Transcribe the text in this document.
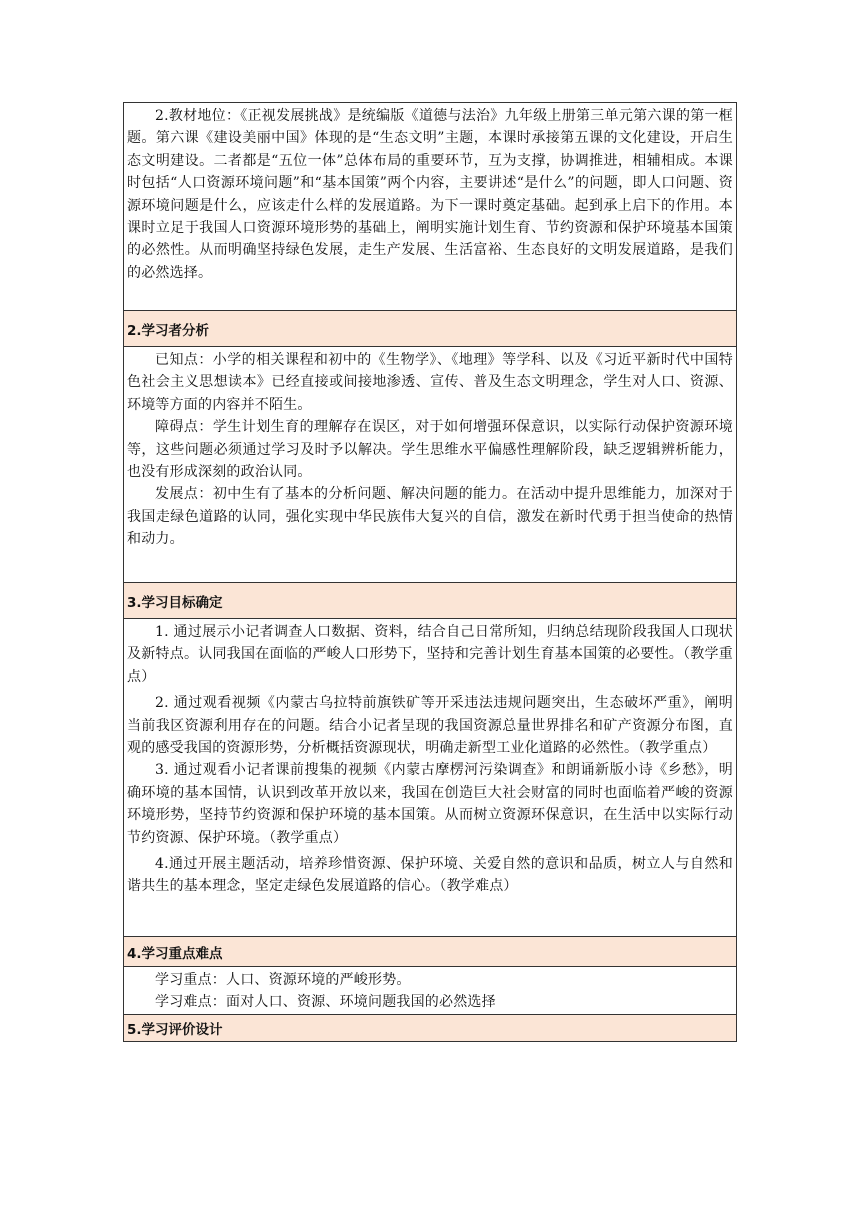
2.教材地位：《正视发展挑战》是统编版《道德与法治》九年级上册第三单元第六课的第一框题。第六课《建设美丽中国》体现的是“生态文明”主题，本课时承接第五课的文化建设，开启生态文明建设。二者都是“五位一体”总体布局的重要环节，互为支撑，协调推进，相辅相成。本课时包括“人口资源环境问题”和“基本国策”两个内容，主要讲述“是什么”的问题，即人口问题、资源环境问题是什么，应该走什么样的发展道路。为下一课时奠定基础。起到承上启下的作用。本课时立足于我国人口资源环境形势的基础上，阐明实施计划生育、节约资源和保护环境基本国策的必然性。从而明确坚持绿色发展，走生产发展、生活富裕、生态良好的文明发展道路，是我们的必然选择。

2.学习者分析

已知点：小学的相关课程和初中的《生物学》、《地理》等学科、以及《习近平新时代中国特色社会主义思想读本》已经直接或间接地渗透、宣传、普及生态文明理念，学生对人口、资源、环境等方面的内容并不陌生。

障碍点：学生计划生育的理解存在误区，对于如何增强环保意识，以实际行动保护资源环境等，这些问题必须通过学习及时予以解决。学生思维水平偏感性理解阶段，缺乏逻辑辨析能力，也没有形成深刻的政治认同。

发展点：初中生有了基本的分析问题、解决问题的能力。在活动中提升思维能力，加深对于我国走绿色道路的认同，强化实现中华民族伟大复兴的自信，激发在新时代勇于担当使命的热情和动力。

3.学习目标确定

1. 通过展示小记者调查人口数据、资料，结合自己日常所知，归纳总结现阶段我国人口现状及新特点。认同我国在面临的严峻人口形势下，坚持和完善计划生育基本国策的必要性。（教学重点）

2. 通过观看视频《内蒙古乌拉特前旗铁矿等开采违法违规问题突出，生态破坏严重》，阐明当前我区资源利用存在的问题。结合小记者呈现的我国资源总量世界排名和矿产资源分布图，直观的感受我国的资源形势，分析概括资源现状，明确走新型工业化道路的必然性。（教学重点）

3. 通过观看小记者课前搜集的视频《内蒙古摩楞河污染调查》和朗诵新版小诗《乡愁》，明确环境的基本国情，认识到改革开放以来，我国在创造巨大社会财富的同时也面临着严峻的资源环境形势，坚持节约资源和保护环境的基本国策。从而树立资源环保意识，在生活中以实际行动节约资源、保护环境。（教学重点）

4.通过开展主题活动，培养珍惜资源、保护环境、关爱自然的意识和品质，树立人与自然和谐共生的基本理念，坚定走绿色发展道路的信心。（教学难点）

4.学习重点难点

学习重点：人口、资源环境的严峻形势。

学习难点：面对人口、资源、环境问题我国的必然选择

5.学习评价设计
